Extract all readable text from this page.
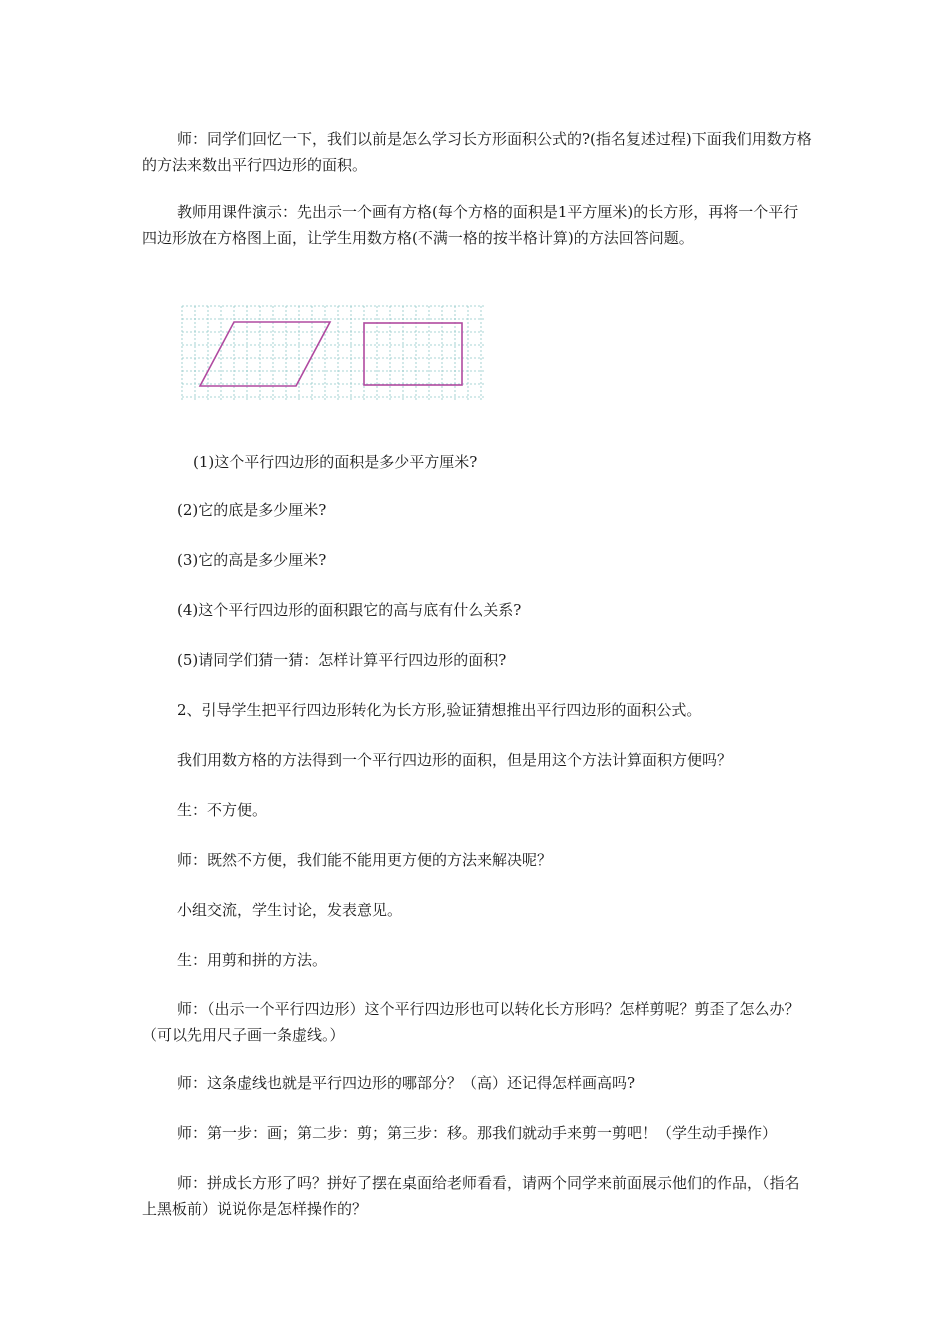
师：同学们回忆一下，我们以前是怎么学习长方形面积公式的?(指名复述过程)下面我们用数方格的方法来数出平行四边形的面积。

教师用课件演示：先出示一个画有方格(每个方格的面积是1平方厘米)的长方形，再将一个平行四边形放在方格图上面，让学生用数方格(不满一格的按半格计算)的方法回答问题。

(1)这个平行四边形的面积是多少平方厘米?

(2)它的底是多少厘米?

(3)它的高是多少厘米?

(4)这个平行四边形的面积跟它的高与底有什么关系?

(5)请同学们猜一猜：怎样计算平行四边形的面积?

2、引导学生把平行四边形转化为长方形,验证猜想推出平行四边形的面积公式。

我们用数方格的方法得到一个平行四边形的面积，但是用这个方法计算面积方便吗？

生：不方便。

师：既然不方便，我们能不能用更方便的方法来解决呢？

小组交流，学生讨论，发表意见。

生：用剪和拼的方法。

师：（出示一个平行四边形）这个平行四边形也可以转化长方形吗？怎样剪呢？剪歪了怎么办？（可以先用尺子画一条虚线。）

师：这条虚线也就是平行四边形的哪部分？（高）还记得怎样画高吗?

师：第一步：画；第二步：剪；第三步：移。那我们就动手来剪一剪吧！（学生动手操作）

师：拼成长方形了吗？拼好了摆在桌面给老师看看，请两个同学来前面展示他们的作品，（指名上黑板前）说说你是怎样操作的？
